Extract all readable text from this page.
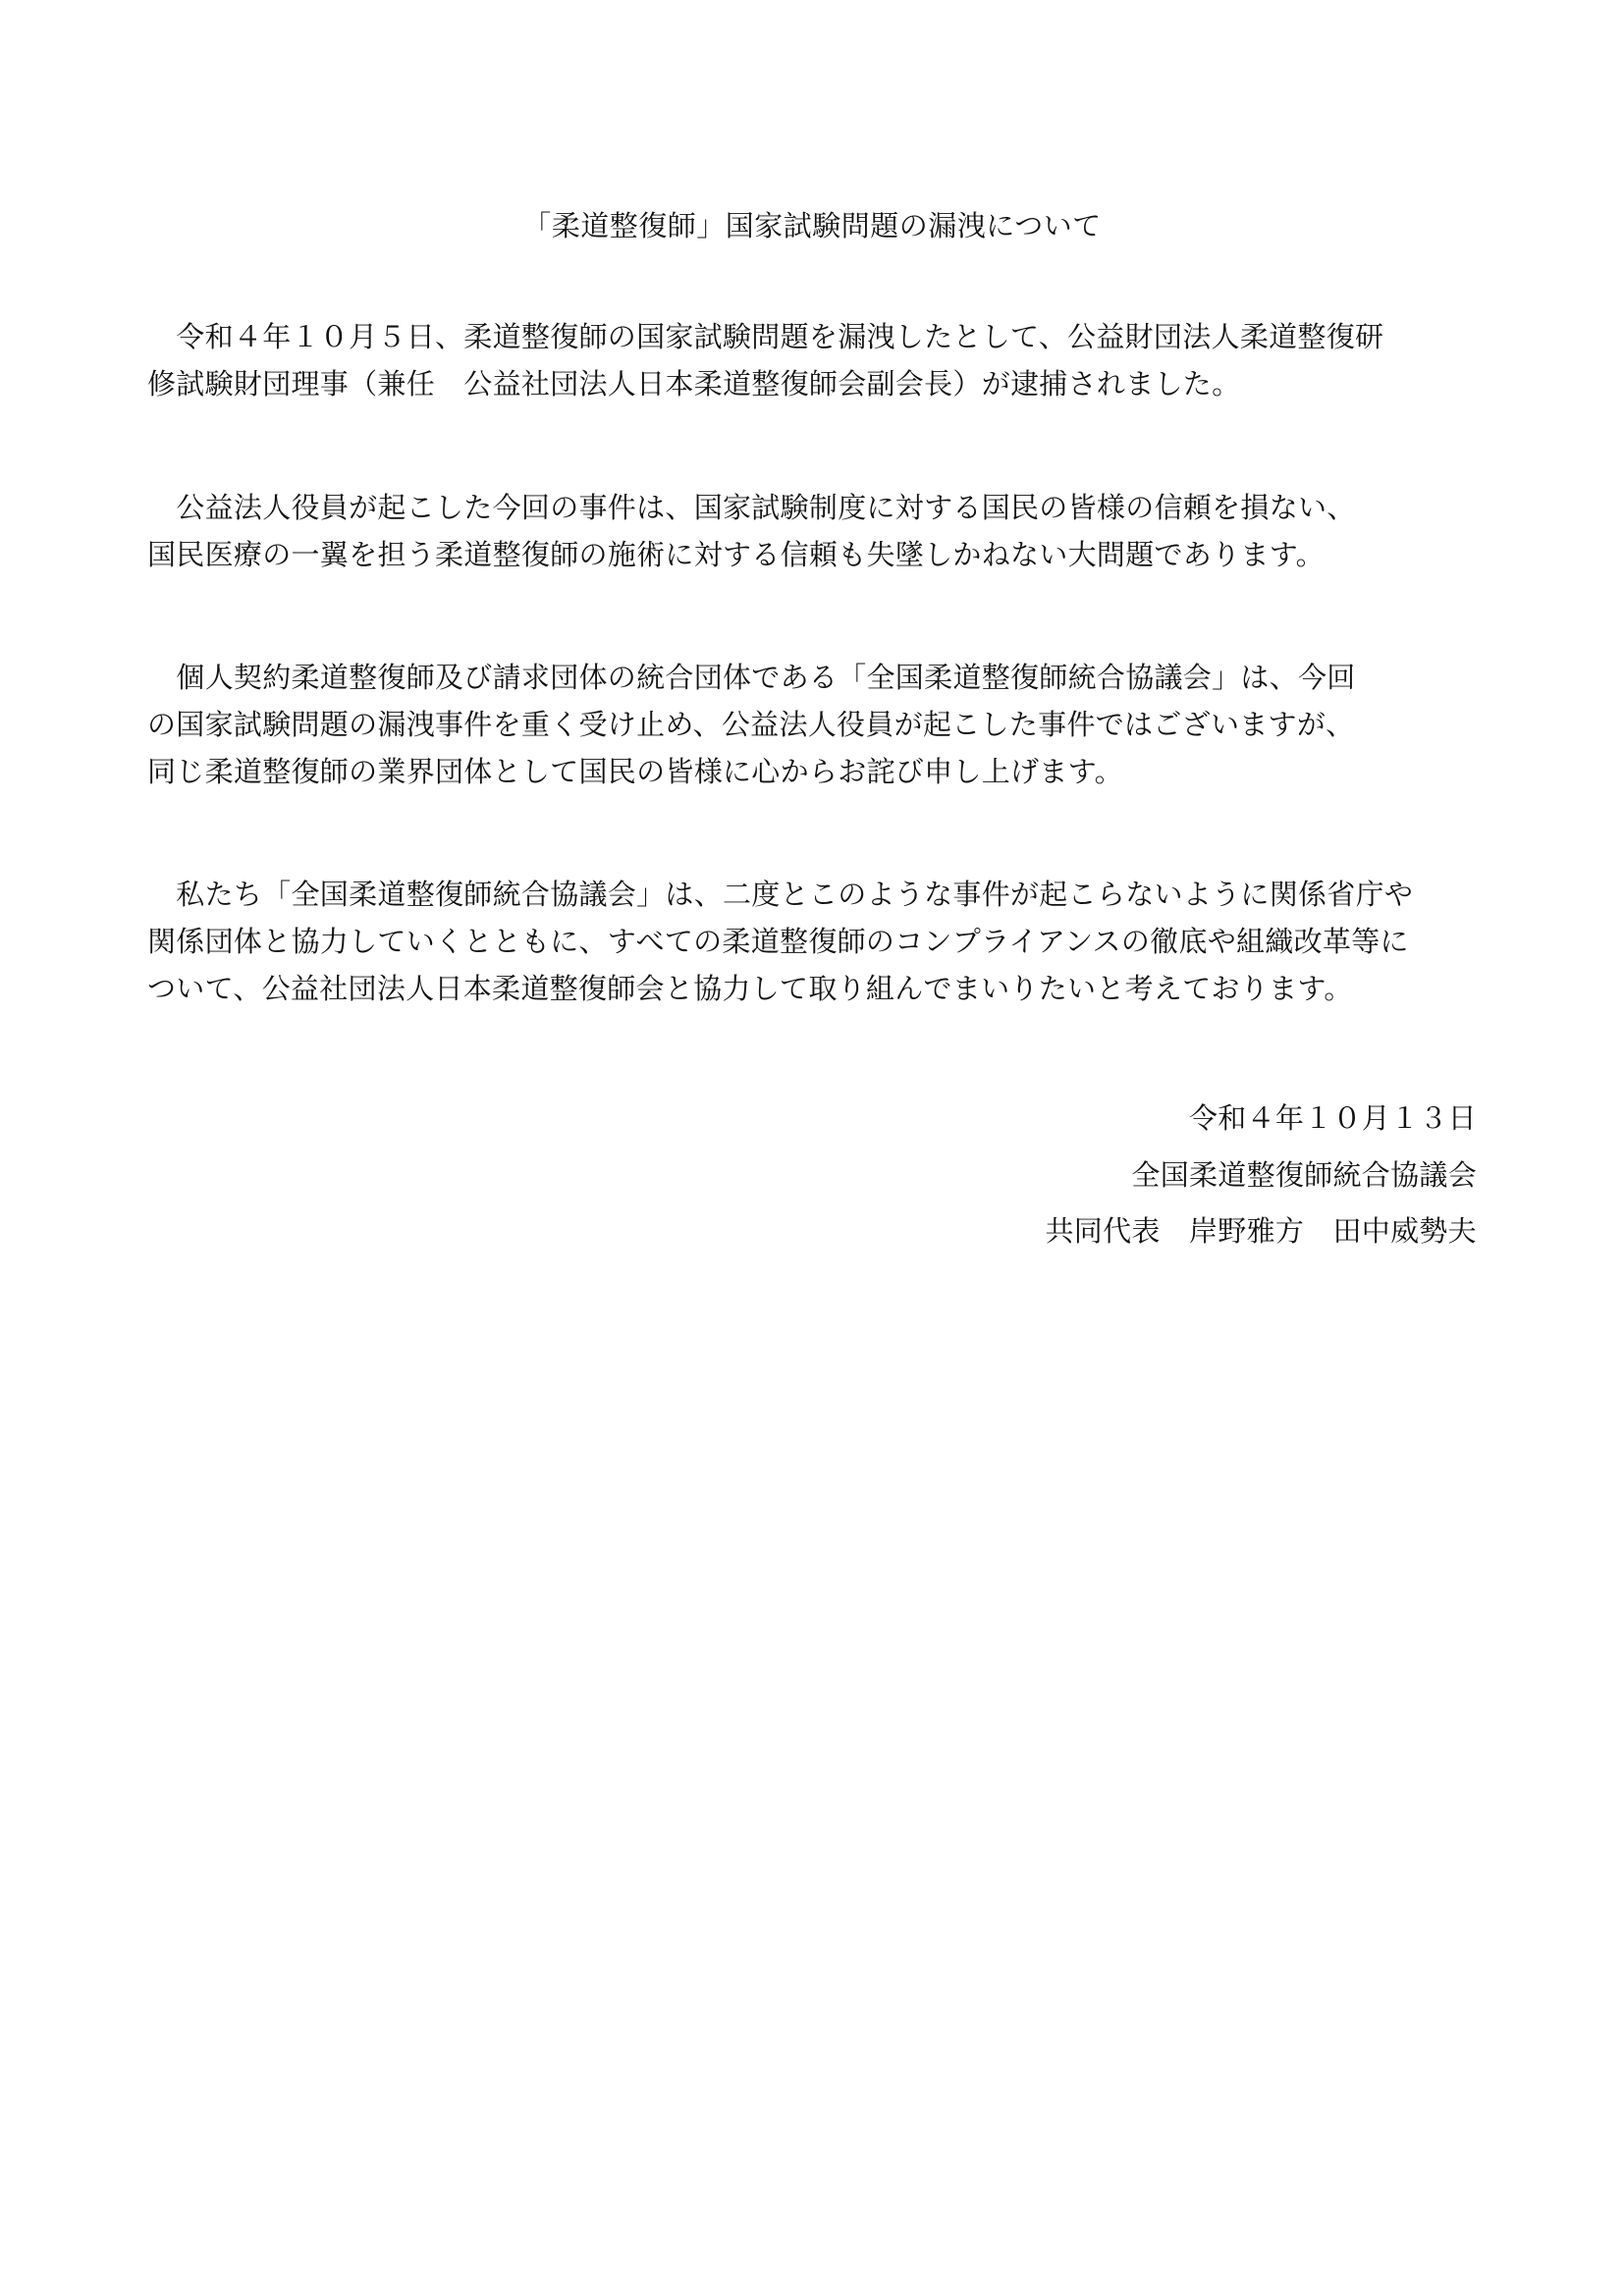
「柔道整復師」国家試験問題の漏洩について
　令和４年１０月５日、柔道整復師の国家試験問題を漏洩したとして、公益財団法人柔道整復研
修試験財団理事（兼任　公益社団法人日本柔道整復師会副会長）が逮捕されました。
　公益法人役員が起こした今回の事件は、国家試験制度に対する国民の皆様の信頼を損ない、
国民医療の一翼を担う柔道整復師の施術に対する信頼も失墜しかねない大問題であります。
　個人契約柔道整復師及び請求団体の統合団体である「全国柔道整復師統合協議会」は、今回
の国家試験問題の漏洩事件を重く受け止め、公益法人役員が起こした事件ではございますが、
同じ柔道整復師の業界団体として国民の皆様に心からお詫び申し上げます。
　私たち「全国柔道整復師統合協議会」は、二度とこのような事件が起こらないように関係省庁や
関係団体と協力していくとともに、すべての柔道整復師のコンプライアンスの徹底や組織改革等に
ついて、公益社団法人日本柔道整復師会と協力して取り組んでまいりたいと考えております。
令和４年１０月１３日
全国柔道整復師統合協議会
共同代表　岸野雅方　田中威勢夫
